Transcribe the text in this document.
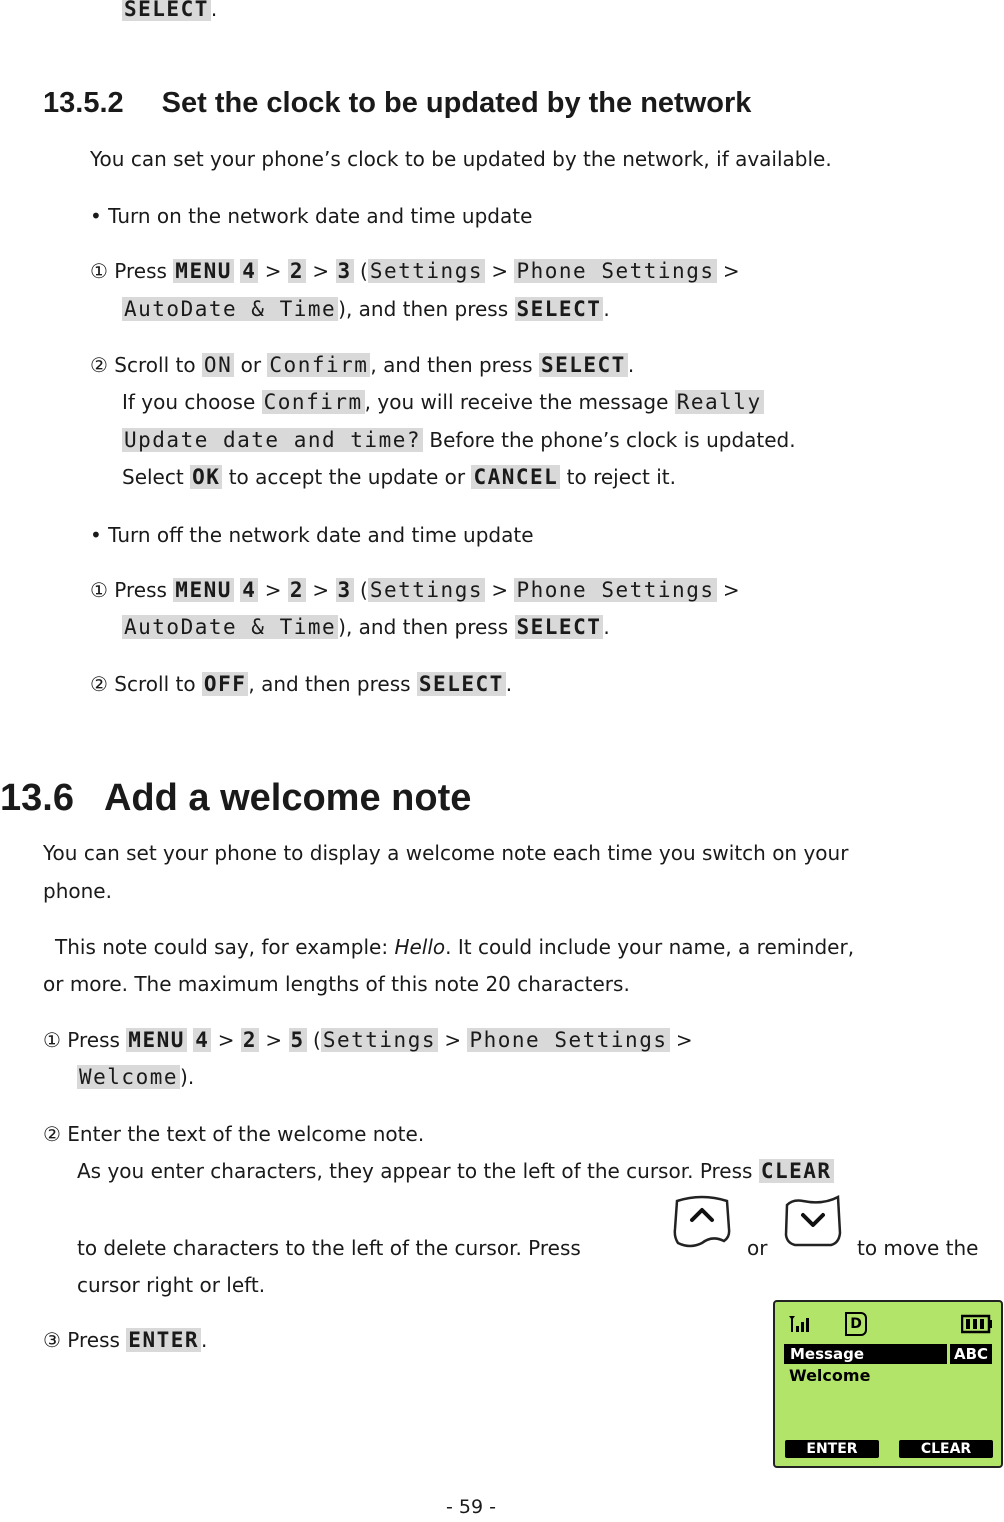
SELECT .
13.5.2 Set the clock to be updated by the network
You can set your phone’s clock to be updated by the network, if available.
• Turn on the network date and time update
① Press MENU 4 > 2 > 3 (Settings > Phone Settings >
AutoDate & Time ), and then press SELECT .
② Scroll to ON or Confirm , and then press SELECT .
If you choose Confirm , you will receive the message Really
Update date and time? Before the phone’s clock is updated.
Select OK to accept the update or CANCEL to reject it.
• Turn off the network date and time update
① Press MENU 4 > 2 > 3 (Settings > Phone Settings >
AutoDate & Time ), and then press SELECT .
② Scroll to OFF , and then press SELECT .
13.6 Add a welcome note
You can set your phone to display a welcome note each time you switch on your
phone.
This note could say, for example: Hello. It could include your name, a reminder,
or more. The maximum lengths of this note 20 characters.
① Press MENU 4 > 2 > 5 (Settings > Phone Settings >
Welcome ).
② Enter the text of the welcome note.
As you enter characters, they appear to the left of the cursor. Press CLEAR
to delete characters to the left of the cursor. Press	or	to move the
cursor right or left.
③ Press ENTER .
D
Message	ABC
Welcome
ENTER	CLEAR
- 59 -
